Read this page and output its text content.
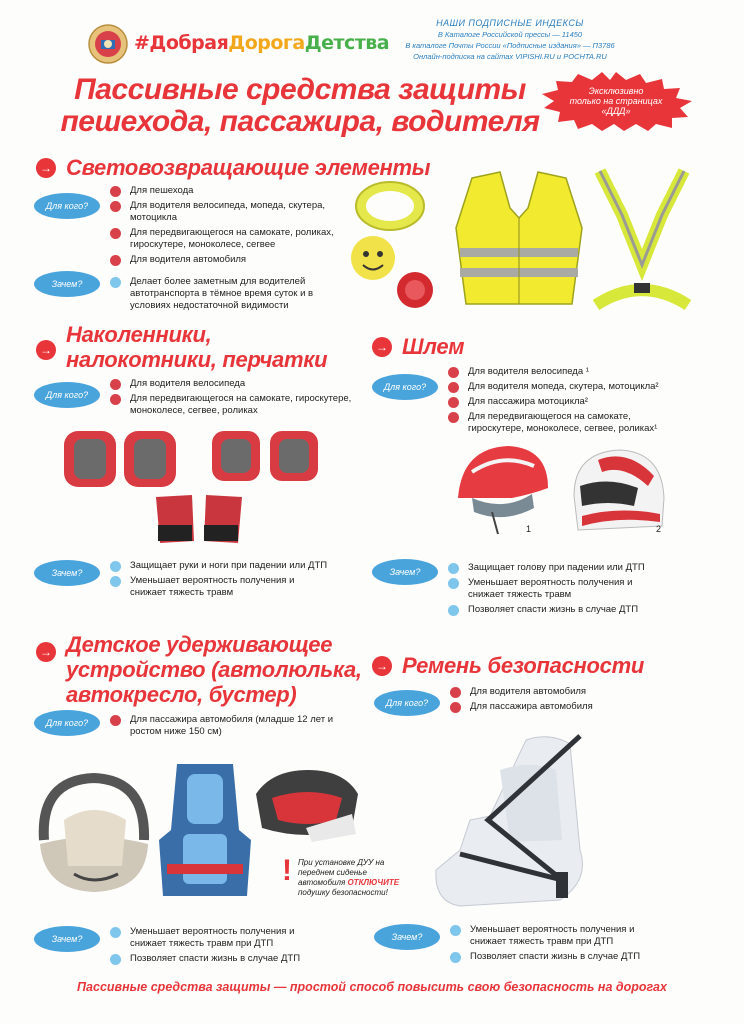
#ДобраяДорогаДетства
НАШИ ПОДПИСНЫЕ ИНДЕКСЫ
В Каталоге Российской прессы — 11450
В каталоге Почты России «Подписные издания» — П3786
Онлайн-подписка на сайтах VIPISHI.RU и POCHTA.RU
Эксклюзивно
только на страницах
«ДДД»
Пассивные средства защиты
пешехода, пассажира, водителя
→ Световозвращающие элементы
Для кого?
Для пешехода
Для водителя велосипеда, мопеда, скутера, мотоцикла
Для передвигающегося на самокате, роликах, гироскутере, моноколесе, сегвее
Для водителя автомобиля
Зачем?	Делает более заметным для водителей автотранспорта в тёмное время суток и в условиях недостаточной видимости
→
Наколенники,
налокотники, перчатки
Для кого?
Для водителя велосипеда
Для передвигающегося на самокате, гироскутере, моноколесе, сегвее, роликах
Зачем?
Защищает руки и ноги при падении или ДТП
Уменьшает вероятность получения и снижает тяжесть травм
→ Шлем
Для кого?
Для водителя велосипеда ¹
Для водителя мопеда, скутера, мотоцикла²
Для пассажира мотоцикла²
Для передвигающегося на самокате, гироскутере, моноколесе, сегвее, роликах¹
1	2
Зачем?	Защищает голову при падении или ДТП
Уменьшает вероятность получения и снижает тяжесть травм
Позволяет спасти жизнь в случае ДТП
→ Детское удерживающее
устройство (автолюлька,
автокресло, бустер)
Для кого?	Для пассажира автомобиля (младше 12 лет и ростом ниже 150 см)
! При установке ДУУ на переднем сиденье автомобиля ОТКЛЮЧИТЕ подушку безопасности!
Зачем?
Уменьшает вероятность получения и снижает тяжесть травм при ДТП
Позволяет спасти жизнь в случае ДТП
→ Ремень безопасности
Для кого?
Для водителя автомобиля
Для пассажира автомобиля
Зачем?
Уменьшает вероятность получения и снижает тяжесть травм при ДТП
Позволяет спасти жизнь в случае ДТП
Пассивные средства защиты — простой способ повысить свою безопасность на дорогах
